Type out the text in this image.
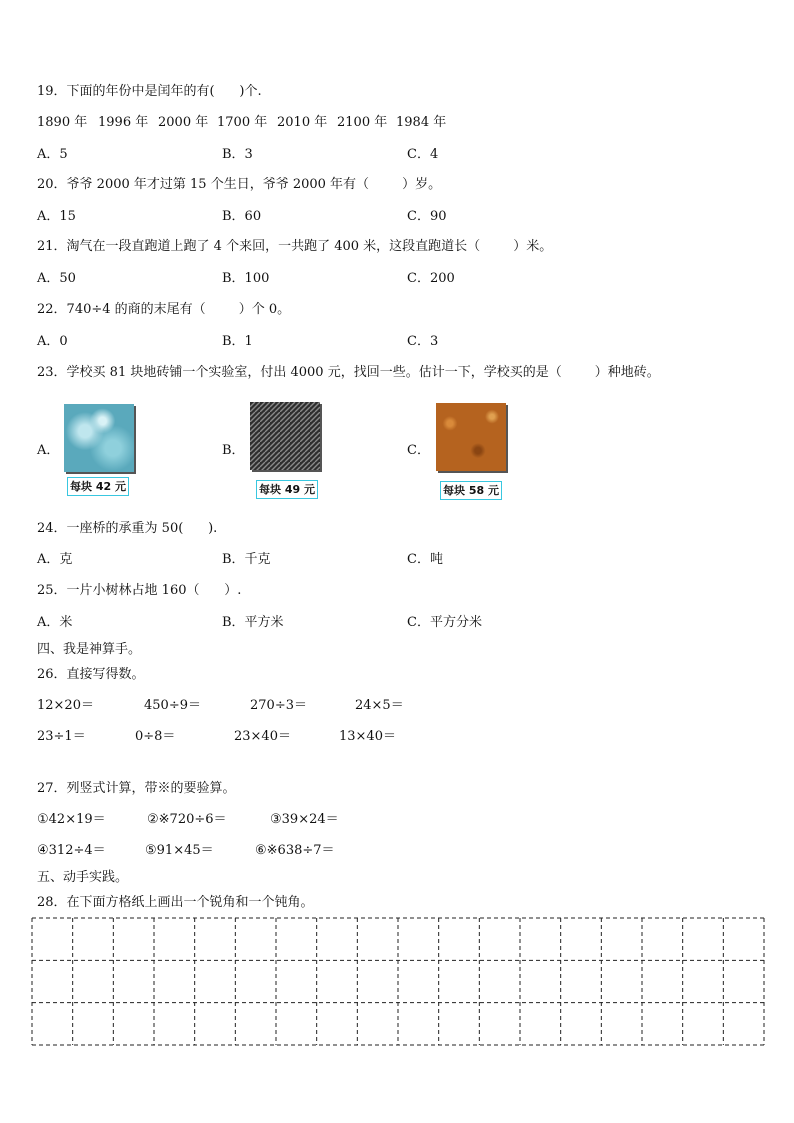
19．下面的年份中是闰年的有(      )个.
1890 年 1996 年 2000 年 1700 年 2010 年 2100 年 1984 年
A．5	B．3	C．4
20．爷爷 2000 年才过第 15 个生日，爷爷 2000 年有（        ）岁。
A．15	B．60	C．90
21．淘气在一段直跑道上跑了 4 个来回，一共跑了 400 米，这段直跑道长（        ）米。
A．50	B．100	C．200
22．740÷4 的商的末尾有（        ）个 0。
A．0	B．1	C．3
23．学校买 81 块地砖铺一个实验室，付出 4000 元，找回一些。估计一下，学校买的是（        ）种地砖。
A．	B．	C．
每块 42 元	每块 49 元	每块 58 元
24．一座桥的承重为 50(      ).
A．克	B．千克	C．吨
25．一片小树林占地 160（      ）.
A．米	B．平方米	C．平方分米
四、我是神算手。
26．直接写得数。
12×20＝	450÷9＝	270÷3＝	24×5＝
23÷1＝	0÷8＝	23×40＝	13×40＝
27．列竖式计算，带※的要验算。
①42×19＝	②※720÷6＝	③39×24＝
④312÷4＝	⑤91×45＝	⑥※638÷7＝
五、动手实践。
28．在下面方格纸上画出一个锐角和一个钝角。
